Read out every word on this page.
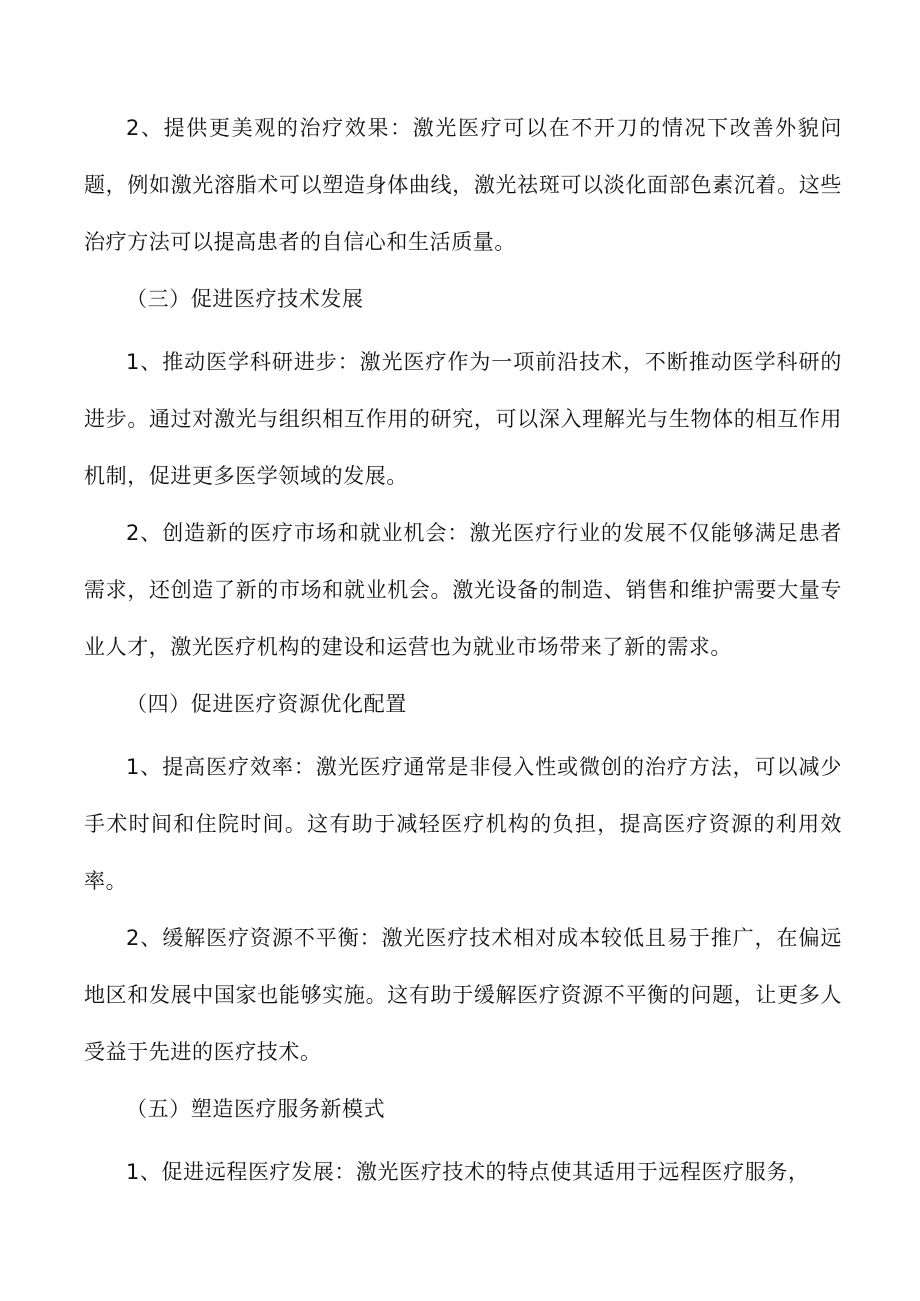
2、提供更美观的治疗效果：激光医疗可以在不开刀的情况下改善外貌问题，例如激光溶脂术可以塑造身体曲线，激光祛斑可以淡化面部色素沉着。这些治疗方法可以提高患者的自信心和生活质量。

（三）促进医疗技术发展

1、推动医学科研进步：激光医疗作为一项前沿技术，不断推动医学科研的进步。通过对激光与组织相互作用的研究，可以深入理解光与生物体的相互作用机制，促进更多医学领域的发展。

2、创造新的医疗市场和就业机会：激光医疗行业的发展不仅能够满足患者需求，还创造了新的市场和就业机会。激光设备的制造、销售和维护需要大量专业人才，激光医疗机构的建设和运营也为就业市场带来了新的需求。

（四）促进医疗资源优化配置

1、提高医疗效率：激光医疗通常是非侵入性或微创的治疗方法，可以减少手术时间和住院时间。这有助于减轻医疗机构的负担，提高医疗资源的利用效率。

2、缓解医疗资源不平衡：激光医疗技术相对成本较低且易于推广，在偏远地区和发展中国家也能够实施。这有助于缓解医疗资源不平衡的问题，让更多人受益于先进的医疗技术。

（五）塑造医疗服务新模式

1、促进远程医疗发展：激光医疗技术的特点使其适用于远程医疗服务，
